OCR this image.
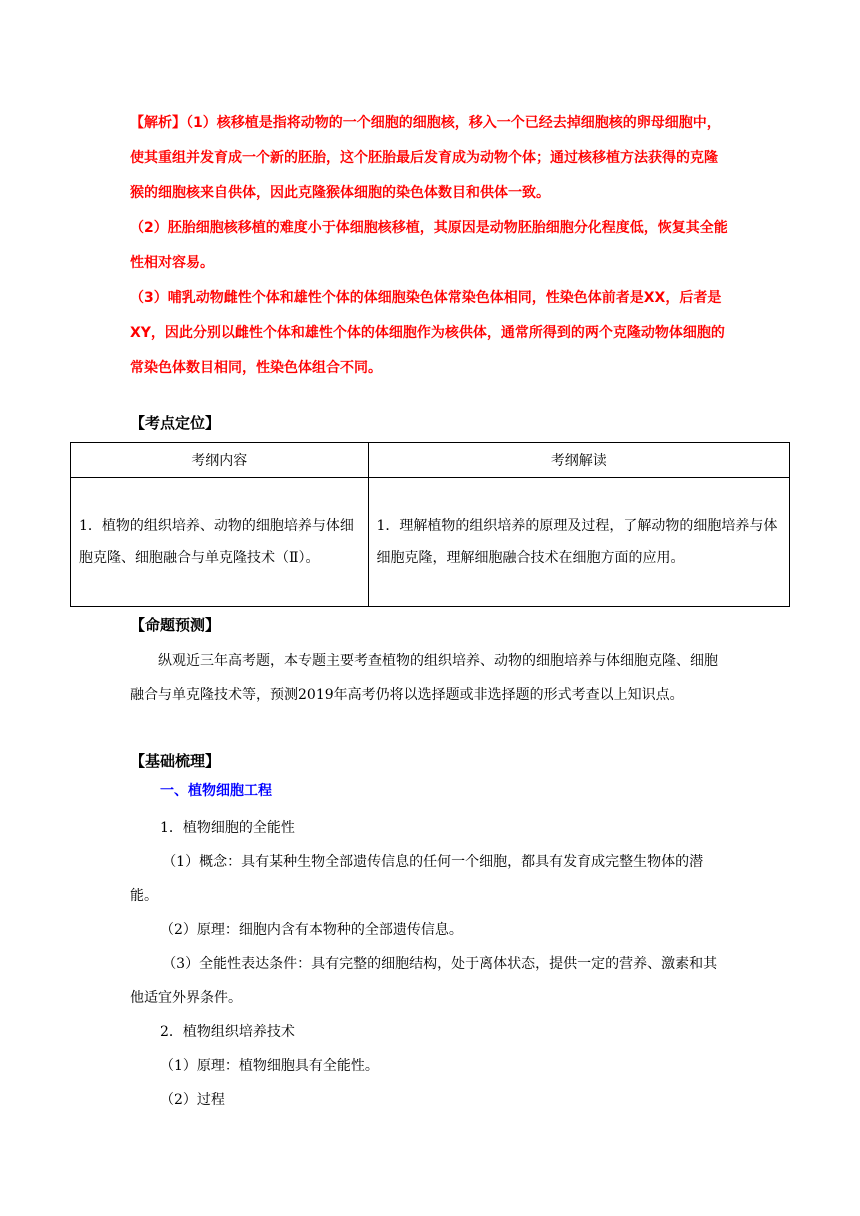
【解析】（1）核移植是指将动物的一个细胞的细胞核，移入一个已经去掉细胞核的卵母细胞中，使其重组并发育成一个新的胚胎，这个胚胎最后发育成为动物个体；通过核移植方法获得的克隆猴的细胞核来自供体，因此克隆猴体细胞的染色体数目和供体一致。

（2）胚胎细胞核移植的难度小于体细胞核移植，其原因是动物胚胎细胞分化程度低，恢复其全能性相对容易。

（3）哺乳动物雌性个体和雄性个体的体细胞染色体常染色体相同，性染色体前者是XX，后者是XY，因此分别以雌性个体和雄性个体的体细胞作为核供体，通常所得到的两个克隆动物体细胞的常染色体数目相同，性染色体组合不同。

【考点定位】
考纲内容	考纲解读
1．植物的组织培养、动物的细胞培养与体细胞克隆、细胞融合与单克隆技术（Ⅱ）。	1．理解植物的组织培养的原理及过程，了解动物的细胞培养与体细胞克隆，理解细胞融合技术在细胞方面的应用。
【命题预测】

纵观近三年高考题，本专题主要考查植物的组织培养、动物的细胞培养与体细胞克隆、细胞融合与单克隆技术等，预测2019年高考仍将以选择题或非选择题的形式考查以上知识点。

【基础梳理】
一、植物细胞工程

1．植物细胞的全能性

（1）概念：具有某种生物全部遗传信息的任何一个细胞，都具有发育成完整生物体的潜能。

（2）原理：细胞内含有本物种的全部遗传信息。

（3）全能性表达条件：具有完整的细胞结构，处于离体状态，提供一定的营养、激素和其他适宜外界条件。

2．植物组织培养技术

（1）原理：植物细胞具有全能性。

（2）过程
